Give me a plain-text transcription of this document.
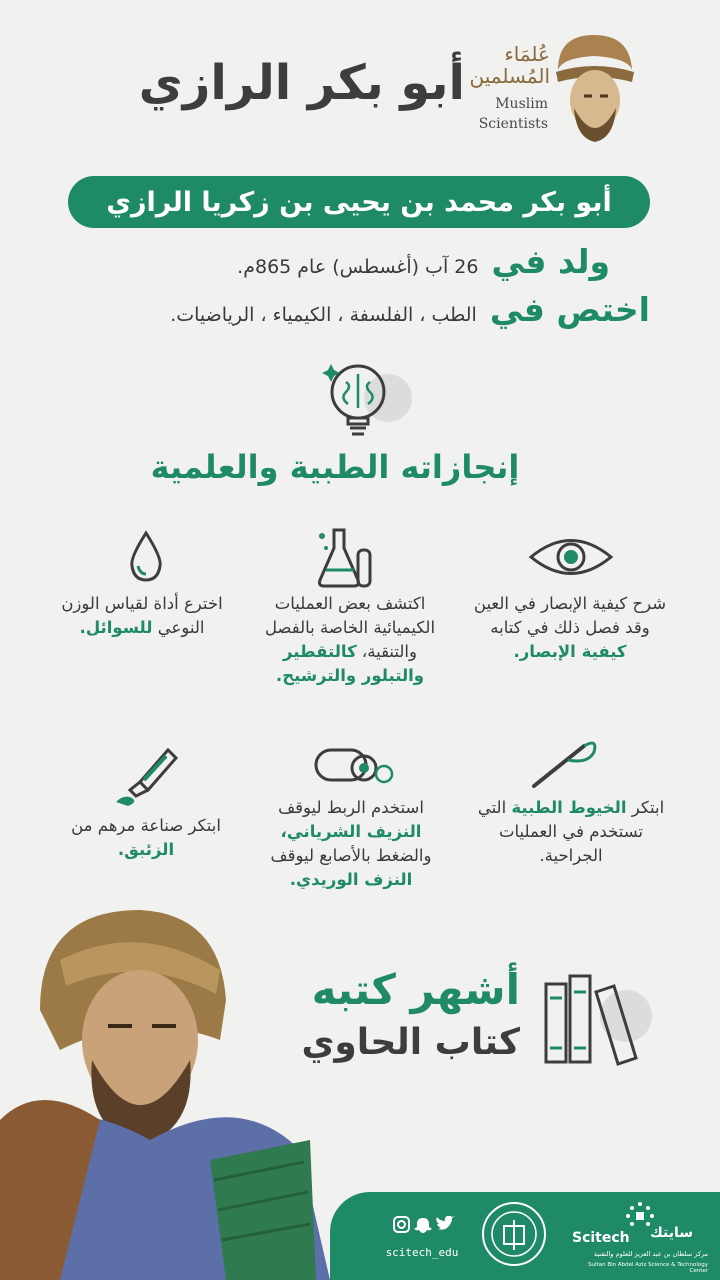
أبو بكر الرازي
عُلمَاء
المُسلمين
Muslim
Scientists
أبو بكر محمد بن يحيى بن زكريا الرازي
ولد في 26 آب (أغسطس) عام 865م.
اختص في الطب ، الفلسفة ، الكيمياء ، الرياضيات.
إنجازاته الطبية والعلمية
شرح كيفية الإبصار في العين وقد فصل ذلك في كتابه كيفية الإبصار.
اكتشف بعض العمليات الكيميائية الخاصة بالفصل والتنقية، كالتقطير والتبلور والترشيح.
اخترع أداة لقياس الوزن النوعي للسوائل.
ابتكر الخيوط الطبية التي تستخدم في العمليات الجراحية.
استخدم الربط ليوقف النزيف الشرياني، والضغط بالأصابع ليوقف النزف الوريدي.
ابتكر صناعة مرهم من الزئبق.
أشهر كتبه
كتاب الحاوي
scitech_edu
Scitech سايتك
مركز سلطان بن عبد العزيز للعلوم والتقنية
Sultan Bin Abdel Aziz Science & Technology Center
